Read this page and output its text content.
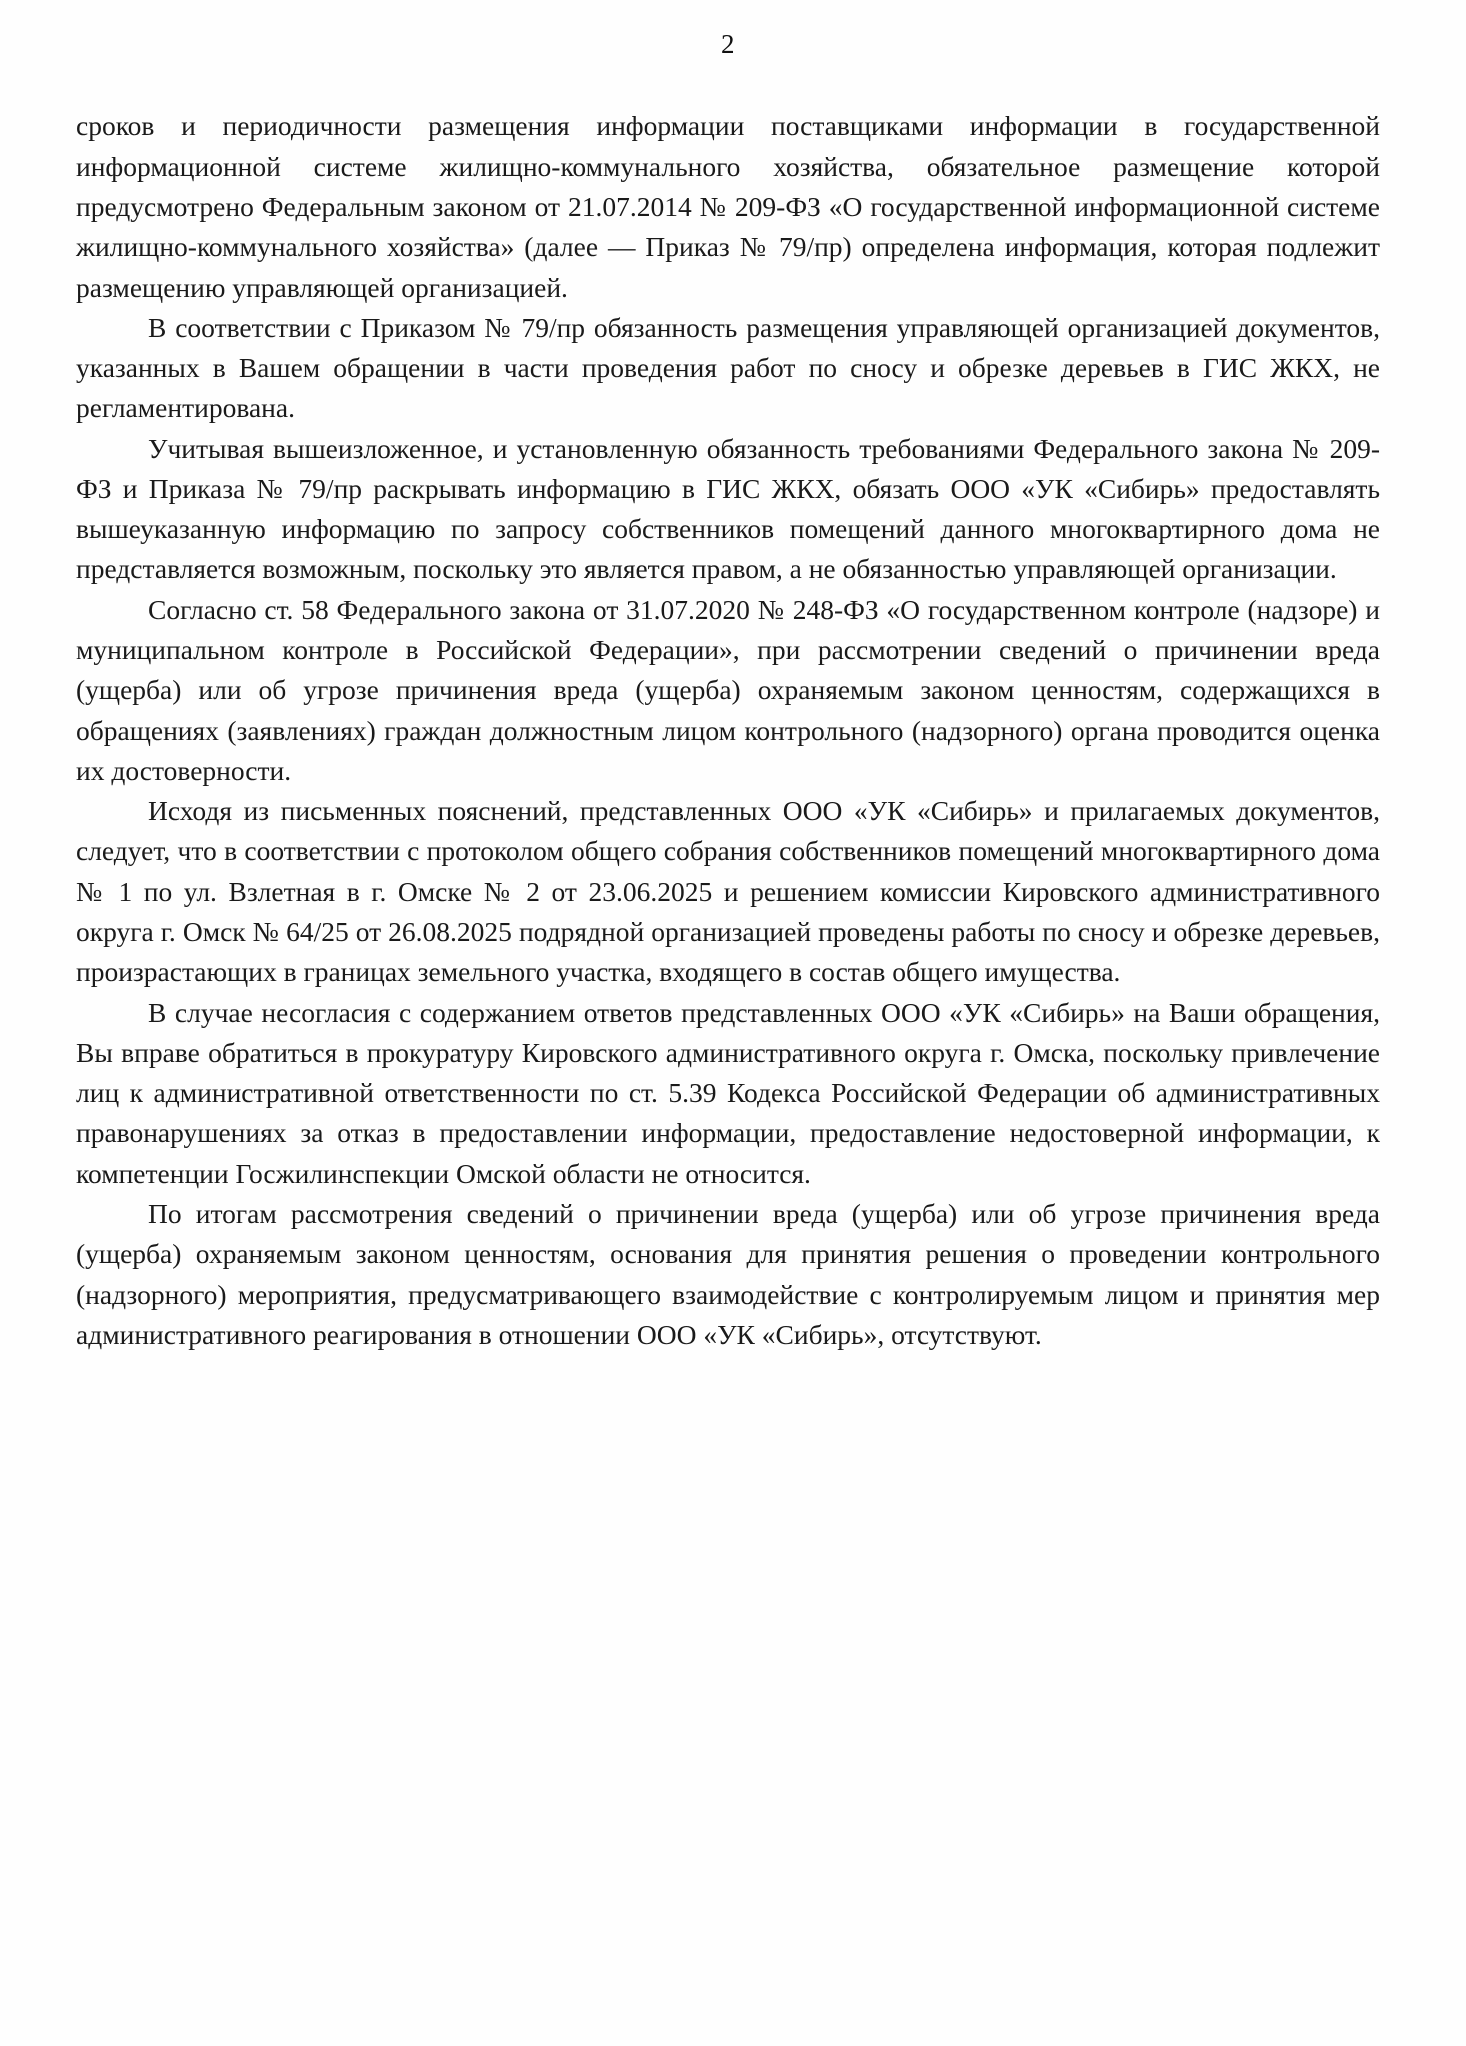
2

сроков и периодичности размещения информации поставщиками информации в государственной информационной системе жилищно-коммунального хозяйства, обязательное размещение которой предусмотрено Федеральным законом от 21.07.2014 № 209-ФЗ «О государственной информационной системе жилищно-коммунального хозяйства» (далее — Приказ № 79/пр) определена информация, которая подлежит размещению управляющей организацией.

В соответствии с Приказом № 79/пр обязанность размещения управляющей организацией документов, указанных в Вашем обращении в части проведения работ по сносу и обрезке деревьев в ГИС ЖКХ, не регламентирована.

Учитывая вышеизложенное, и установленную обязанность требованиями Федерального закона № 209-ФЗ и Приказа № 79/пр раскрывать информацию в ГИС ЖКХ, обязать ООО «УК «Сибирь» предоставлять вышеуказанную информацию по запросу собственников помещений данного многоквартирного дома не представляется возможным, поскольку это является правом, а не обязанностью управляющей организации.

Согласно ст. 58 Федерального закона от 31.07.2020 № 248-ФЗ «О государственном контроле (надзоре) и муниципальном контроле в Российской Федерации», при рассмотрении сведений о причинении вреда (ущерба) или об угрозе причинения вреда (ущерба) охраняемым законом ценностям, содержащихся в обращениях (заявлениях) граждан должностным лицом контрольного (надзорного) органа проводится оценка их достоверности.

Исходя из письменных пояснений, представленных ООО «УК «Сибирь» и прилагаемых документов, следует, что в соответствии с протоколом общего собрания собственников помещений многоквартирного дома № 1 по ул. Взлетная в г. Омске № 2 от 23.06.2025 и решением комиссии Кировского административного округа г. Омск № 64/25 от 26.08.2025 подрядной организацией проведены работы по сносу и обрезке деревьев, произрастающих в границах земельного участка, входящего в состав общего имущества.

В случае несогласия с содержанием ответов представленных ООО «УК «Сибирь» на Ваши обращения, Вы вправе обратиться в прокуратуру Кировского административного округа г. Омска, поскольку привлечение лиц к административной ответственности по ст. 5.39 Кодекса Российской Федерации об административных правонарушениях за отказ в предоставлении информации, предоставление недостоверной информации, к компетенции Госжилинспекции Омской области не относится.

По итогам рассмотрения сведений о причинении вреда (ущерба) или об угрозе причинения вреда (ущерба) охраняемым законом ценностям, основания для принятия решения о проведении контрольного (надзорного) мероприятия, предусматривающего взаимодействие с контролируемым лицом и принятия мер административного реагирования в отношении ООО «УК «Сибирь», отсутствуют.
